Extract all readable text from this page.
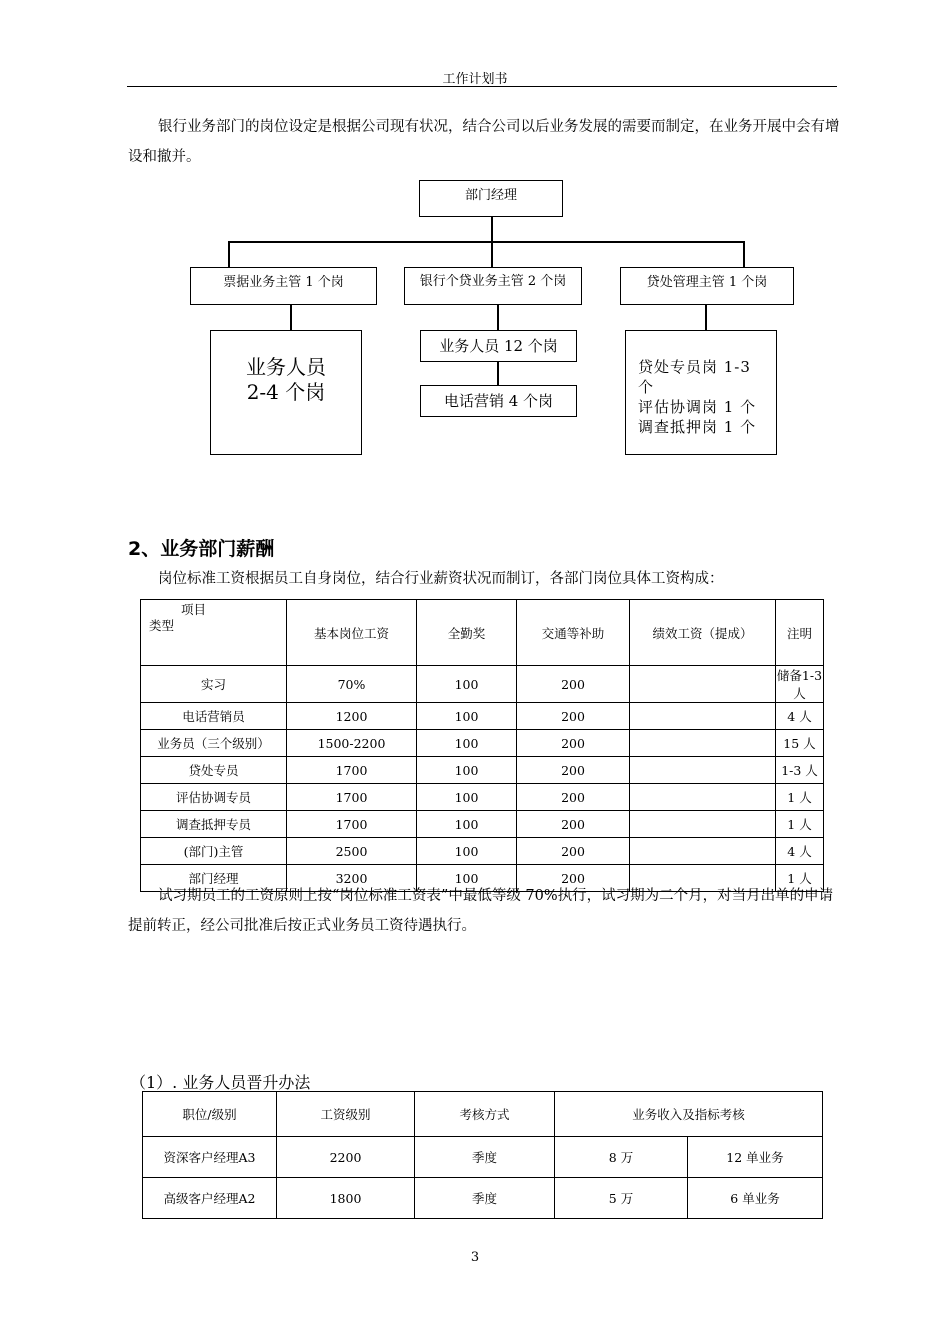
工作计划书
银行业务部门的岗位设定是根据公司现有状况，结合公司以后业务发展的需要而制定，在业务开展中会有增设和撤并。
部门经理
票据业务主管 1 个岗	银行个贷业务主管 2 个岗	贷处管理主管 1 个岗
业务人员
2-4 个岗
业务人员 12 个岗
电话营销 4 个岗
贷处专员岗 1-3 个
评估协调岗 1 个
调查抵押岗 1 个
2、业务部门薪酬
岗位标准工资根据员工自身岗位，结合行业薪资状况而制订，各部门岗位具体工资构成：
项目
类型	基本岗位工资	全勤奖	交通等补助	绩效工资（提成）	注明
实习	70%	100	200		储备1-3 人
电话营销员	1200	100	200		4 人
业务员（三个级别）	1500-2200	100	200		15 人
贷处专员	1700	100	200		1-3 人
评估协调专员	1700	100	200		1 人
调查抵押专员	1700	100	200		1 人
(部门)主管	2500	100	200		4 人
部门经理	3200	100	200		1 人
试习期员工的工资原则上按“岗位标准工资表”中最低等级 70%执行，试习期为二个月，对当月出单的申请提前转正，经公司批准后按正式业务员工资待遇执行。
（1）. 业务人员晋升办法
职位/级别	工资级别	考核方式	业务收入及指标考核	
资深客户经理A3	2200	季度	8 万	12 单业务
高级客户经理A2	1800	季度	5 万	6 单业务
3
